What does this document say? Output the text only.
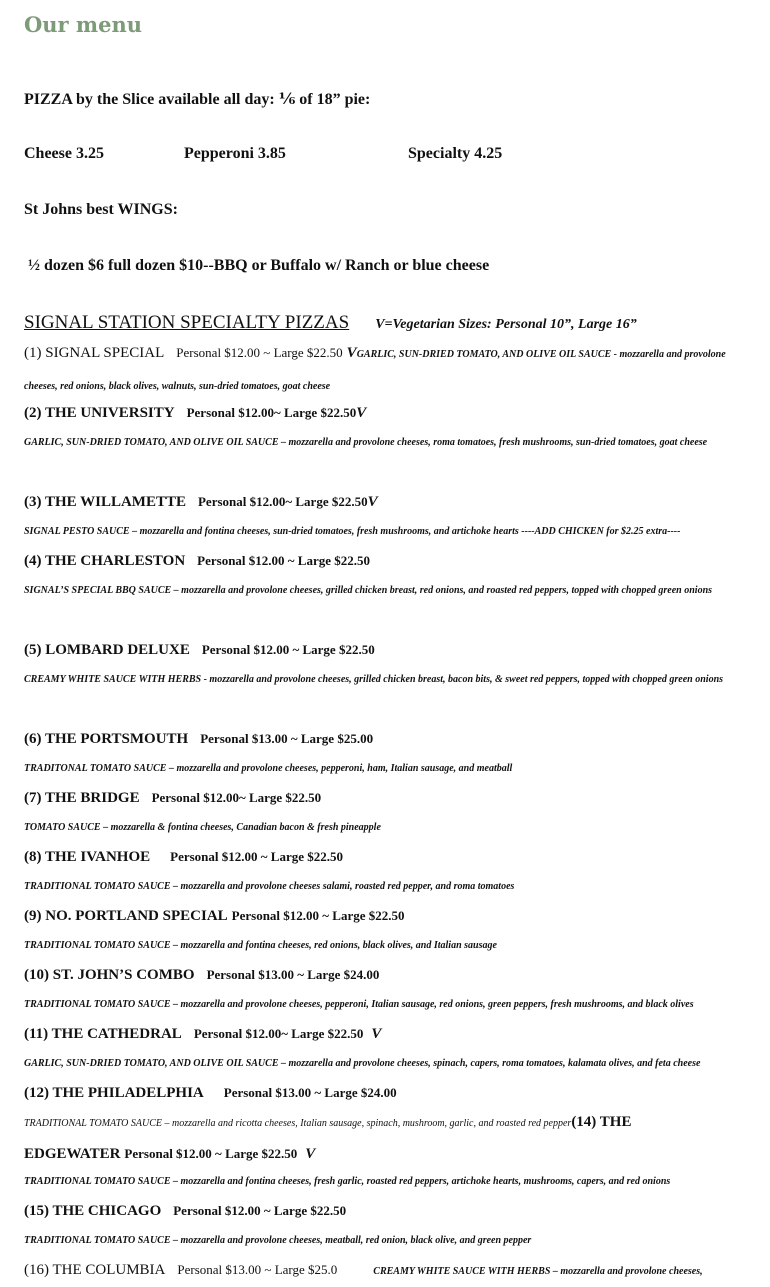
Our menu
PIZZA by the Slice available all day: ⅙ of 18” pie:
Cheese 3.25	Pepperoni 3.85	Specialty 4.25
St Johns best WINGS:
½ dozen $6 full dozen $10--BBQ or Buffalo w/ Ranch or blue cheese
SIGNAL STATION SPECIALTY PIZZAS V=Vegetarian Sizes: Personal 10”, Large 16”
(1) SIGNAL SPECIAL Personal $12.00 ~ Large $22.50 VGARLIC, SUN-DRIED TOMATO, AND OLIVE OIL SAUCE - mozzarella and provolone cheeses, red onions, black olives, walnuts, sun-dried tomatoes, goat cheese
(2) THE UNIVERSITY Personal $12.00~ Large $22.50V
GARLIC, SUN-DRIED TOMATO, AND OLIVE OIL SAUCE – mozzarella and provolone cheeses, roma tomatoes, fresh mushrooms, sun-dried tomatoes, goat cheese
(3) THE WILLAMETTE Personal $12.00~ Large $22.50V
SIGNAL PESTO SAUCE – mozzarella and fontina cheeses, sun-dried tomatoes, fresh mushrooms, and artichoke hearts ----ADD CHICKEN for $2.25 extra----
(4) THE CHARLESTON Personal $12.00 ~ Large $22.50
SIGNAL’S SPECIAL BBQ SAUCE – mozzarella and provolone cheeses, grilled chicken breast, red onions, and roasted red peppers, topped with chopped green onions
(5) LOMBARD DELUXE Personal $12.00 ~ Large $22.50
CREAMY WHITE SAUCE WITH HERBS - mozzarella and provolone cheeses, grilled chicken breast, bacon bits, & sweet red peppers, topped with chopped green onions
(6) THE PORTSMOUTH Personal $13.00 ~ Large $25.00
TRADITONAL TOMATO SAUCE – mozzarella and provolone cheeses, pepperoni, ham, Italian sausage, and meatball
(7) THE BRIDGE Personal $12.00~ Large $22.50
TOMATO SAUCE – mozzarella & fontina cheeses, Canadian bacon & fresh pineapple
(8) THE IVANHOE Personal $12.00 ~ Large $22.50
TRADITIONAL TOMATO SAUCE – mozzarella and provolone cheeses salami, roasted red pepper, and roma tomatoes
(9) NO. PORTLAND SPECIAL Personal $12.00 ~ Large $22.50
TRADITIONAL TOMATO SAUCE – mozzarella and fontina cheeses, red onions, black olives, and Italian sausage
(10) ST. JOHN’S COMBO Personal $13.00 ~ Large $24.00
TRADITIONAL TOMATO SAUCE – mozzarella and provolone cheeses, pepperoni, Italian sausage, red onions, green peppers, fresh mushrooms, and black olives
(11) THE CATHEDRAL Personal $12.00~ Large $22.50 V
GARLIC, SUN-DRIED TOMATO, AND OLIVE OIL SAUCE – mozzarella and provolone cheeses, spinach, capers, roma tomatoes, kalamata olives, and feta cheese
(12) THE PHILADELPHIA Personal $13.00 ~ Large $24.00
TRADITIONAL TOMATO SAUCE – mozzarella and ricotta cheeses, Italian sausage, spinach, mushroom, garlic, and roasted red pepper(14) THE EDGEWATER Personal $12.00 ~ Large $22.50 V
TRADITIONAL TOMATO SAUCE – mozzarella and fontina cheeses, fresh garlic, roasted red peppers, artichoke hearts, mushrooms, capers, and red onions
(15) THE CHICAGO Personal $12.00 ~ Large $22.50
TRADITIONAL TOMATO SAUCE – mozzarella and provolone cheeses, meatball, red onion, black olive, and green pepper
(16) THE COLUMBIA Personal $13.00 ~ Large $25.0	CREAMY WHITE SAUCE WITH HERBS – mozzarella and provolone cheeses,
